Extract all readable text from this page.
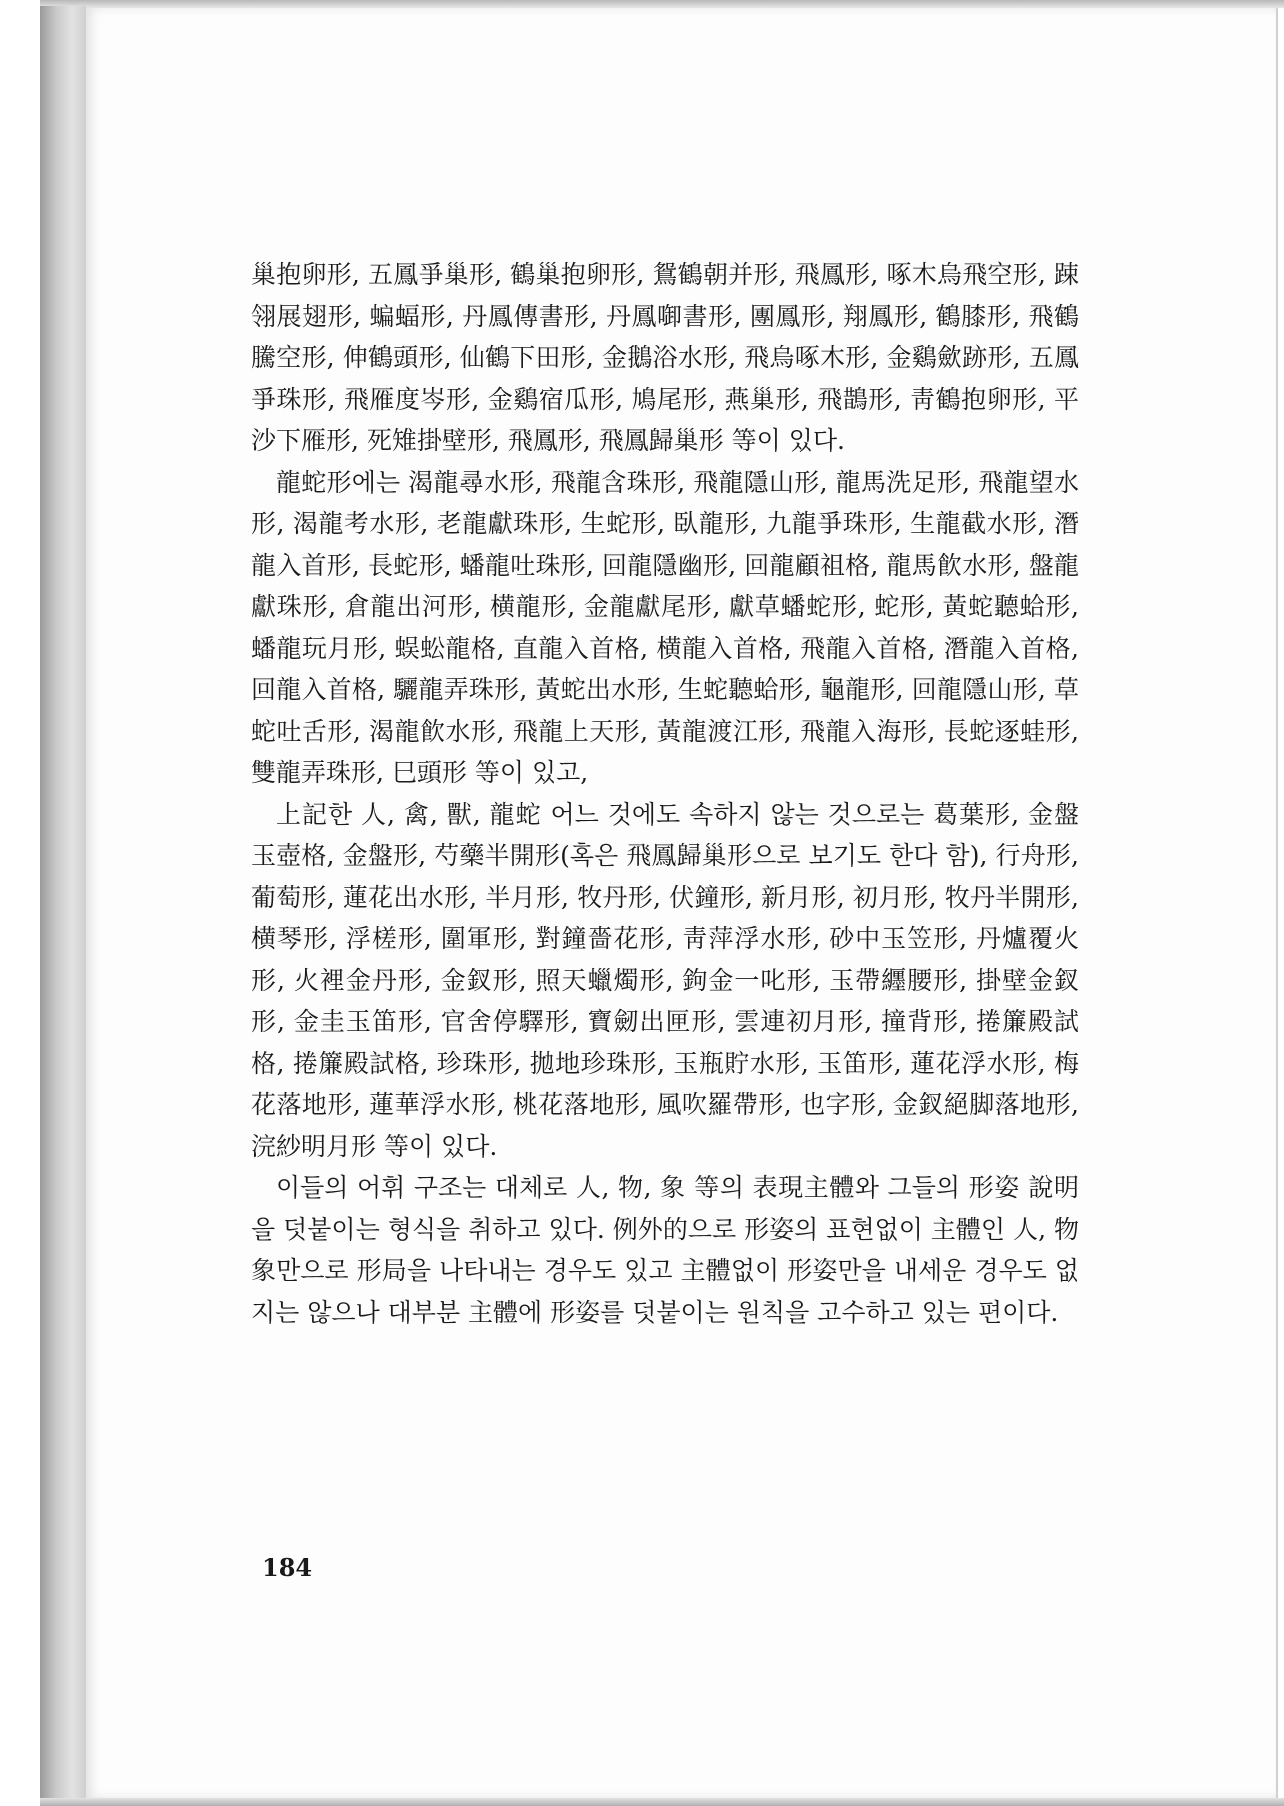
巢抱卵形, 五鳳爭巢形, 鶴巢抱卵形, 鴛鶴朝并形, 飛鳳形, 啄木烏飛空形, 踈翎展翅形, 蝙蝠形, 丹鳳傳書形, 丹鳳啣書形, 團鳳形, 翔鳳形, 鶴膝形, 飛鶴騰空形, 伸鶴頭形, 仙鶴下田形, 金鵝浴水形, 飛烏啄木形, 金鷄歛跡形, 五鳳爭珠形, 飛雁度岑形, 金鷄宿瓜形, 鳩尾形, 燕巢形, 飛鵲形, 靑鶴抱卵形, 平沙下雁形, 死雉掛壁形, 飛鳳形, 飛鳳歸巢形 等이 있다.

龍蛇形에는 渴龍尋水形, 飛龍含珠形, 飛龍隱山形, 龍馬洗足形, 飛龍望水形, 渴龍考水形, 老龍獻珠形, 生蛇形, 臥龍形, 九龍爭珠形, 生龍截水形, 潛龍入首形, 長蛇形, 蟠龍吐珠形, 回龍隱幽形, 回龍顧祖格, 龍馬飮水形, 盤龍獻珠形, 倉龍出河形, 横龍形, 金龍獻尾形, 獻草蟠蛇形, 蛇形, 黃蛇聽蛤形, 蟠龍玩月形, 蜈蚣龍格, 直龍入首格, 横龍入首格, 飛龍入首格, 潛龍入首格, 回龍入首格, 驪龍弄珠形, 黃蛇出水形, 生蛇聽蛤形, 龜龍形, 回龍隱山形, 草蛇吐舌形, 渴龍飮水形, 飛龍上天形, 黃龍渡江形, 飛龍入海形, 長蛇逐蛙形, 雙龍弄珠形, 巳頭形 等이 있고,

上記한 人, 禽, 獸, 龍蛇 어느 것에도 속하지 않는 것으로는 葛葉形, 金盤玉壺格, 金盤形, 芍藥半開形(혹은 飛鳳歸巢形으로 보기도 한다 함), 行舟形, 葡萄形, 蓮花出水形, 半月形, 牧丹形, 伏鐘形, 新月形, 初月形, 牧丹半開形, 横琴形, 浮槎形, 圍軍形, 對鐘嗇花形, 靑萍浮水形, 砂中玉笠形, 丹爐覆火形, 火裡金丹形, 金釵形, 照天蠟燭形, 鉤金一叱形, 玉帶纒腰形, 掛壁金釵形, 金圭玉笛形, 官舍停驛形, 寶劒出匣形, 雲連初月形, 撞背形, 捲簾殿試格, 捲簾殿試格, 珍珠形, 拋地珍珠形, 玉瓶貯水形, 玉笛形, 蓮花浮水形, 梅花落地形, 蓮華浮水形, 桃花落地形, 風吹羅帶形, 也字形, 金釵絕脚落地形, 浣紗明月形 等이 있다.

이들의 어휘 구조는 대체로 人, 物, 象 等의 表現主體와 그들의 形姿 說明을 덧붙이는 형식을 취하고 있다. 例外的으로 形姿의 표현없이 主體인 人, 物象만으로 形局을 나타내는 경우도 있고 主體없이 形姿만을 내세운 경우도 없지는 않으나 대부분 主體에 形姿를 덧붙이는 원칙을 고수하고 있는 편이다.

184
